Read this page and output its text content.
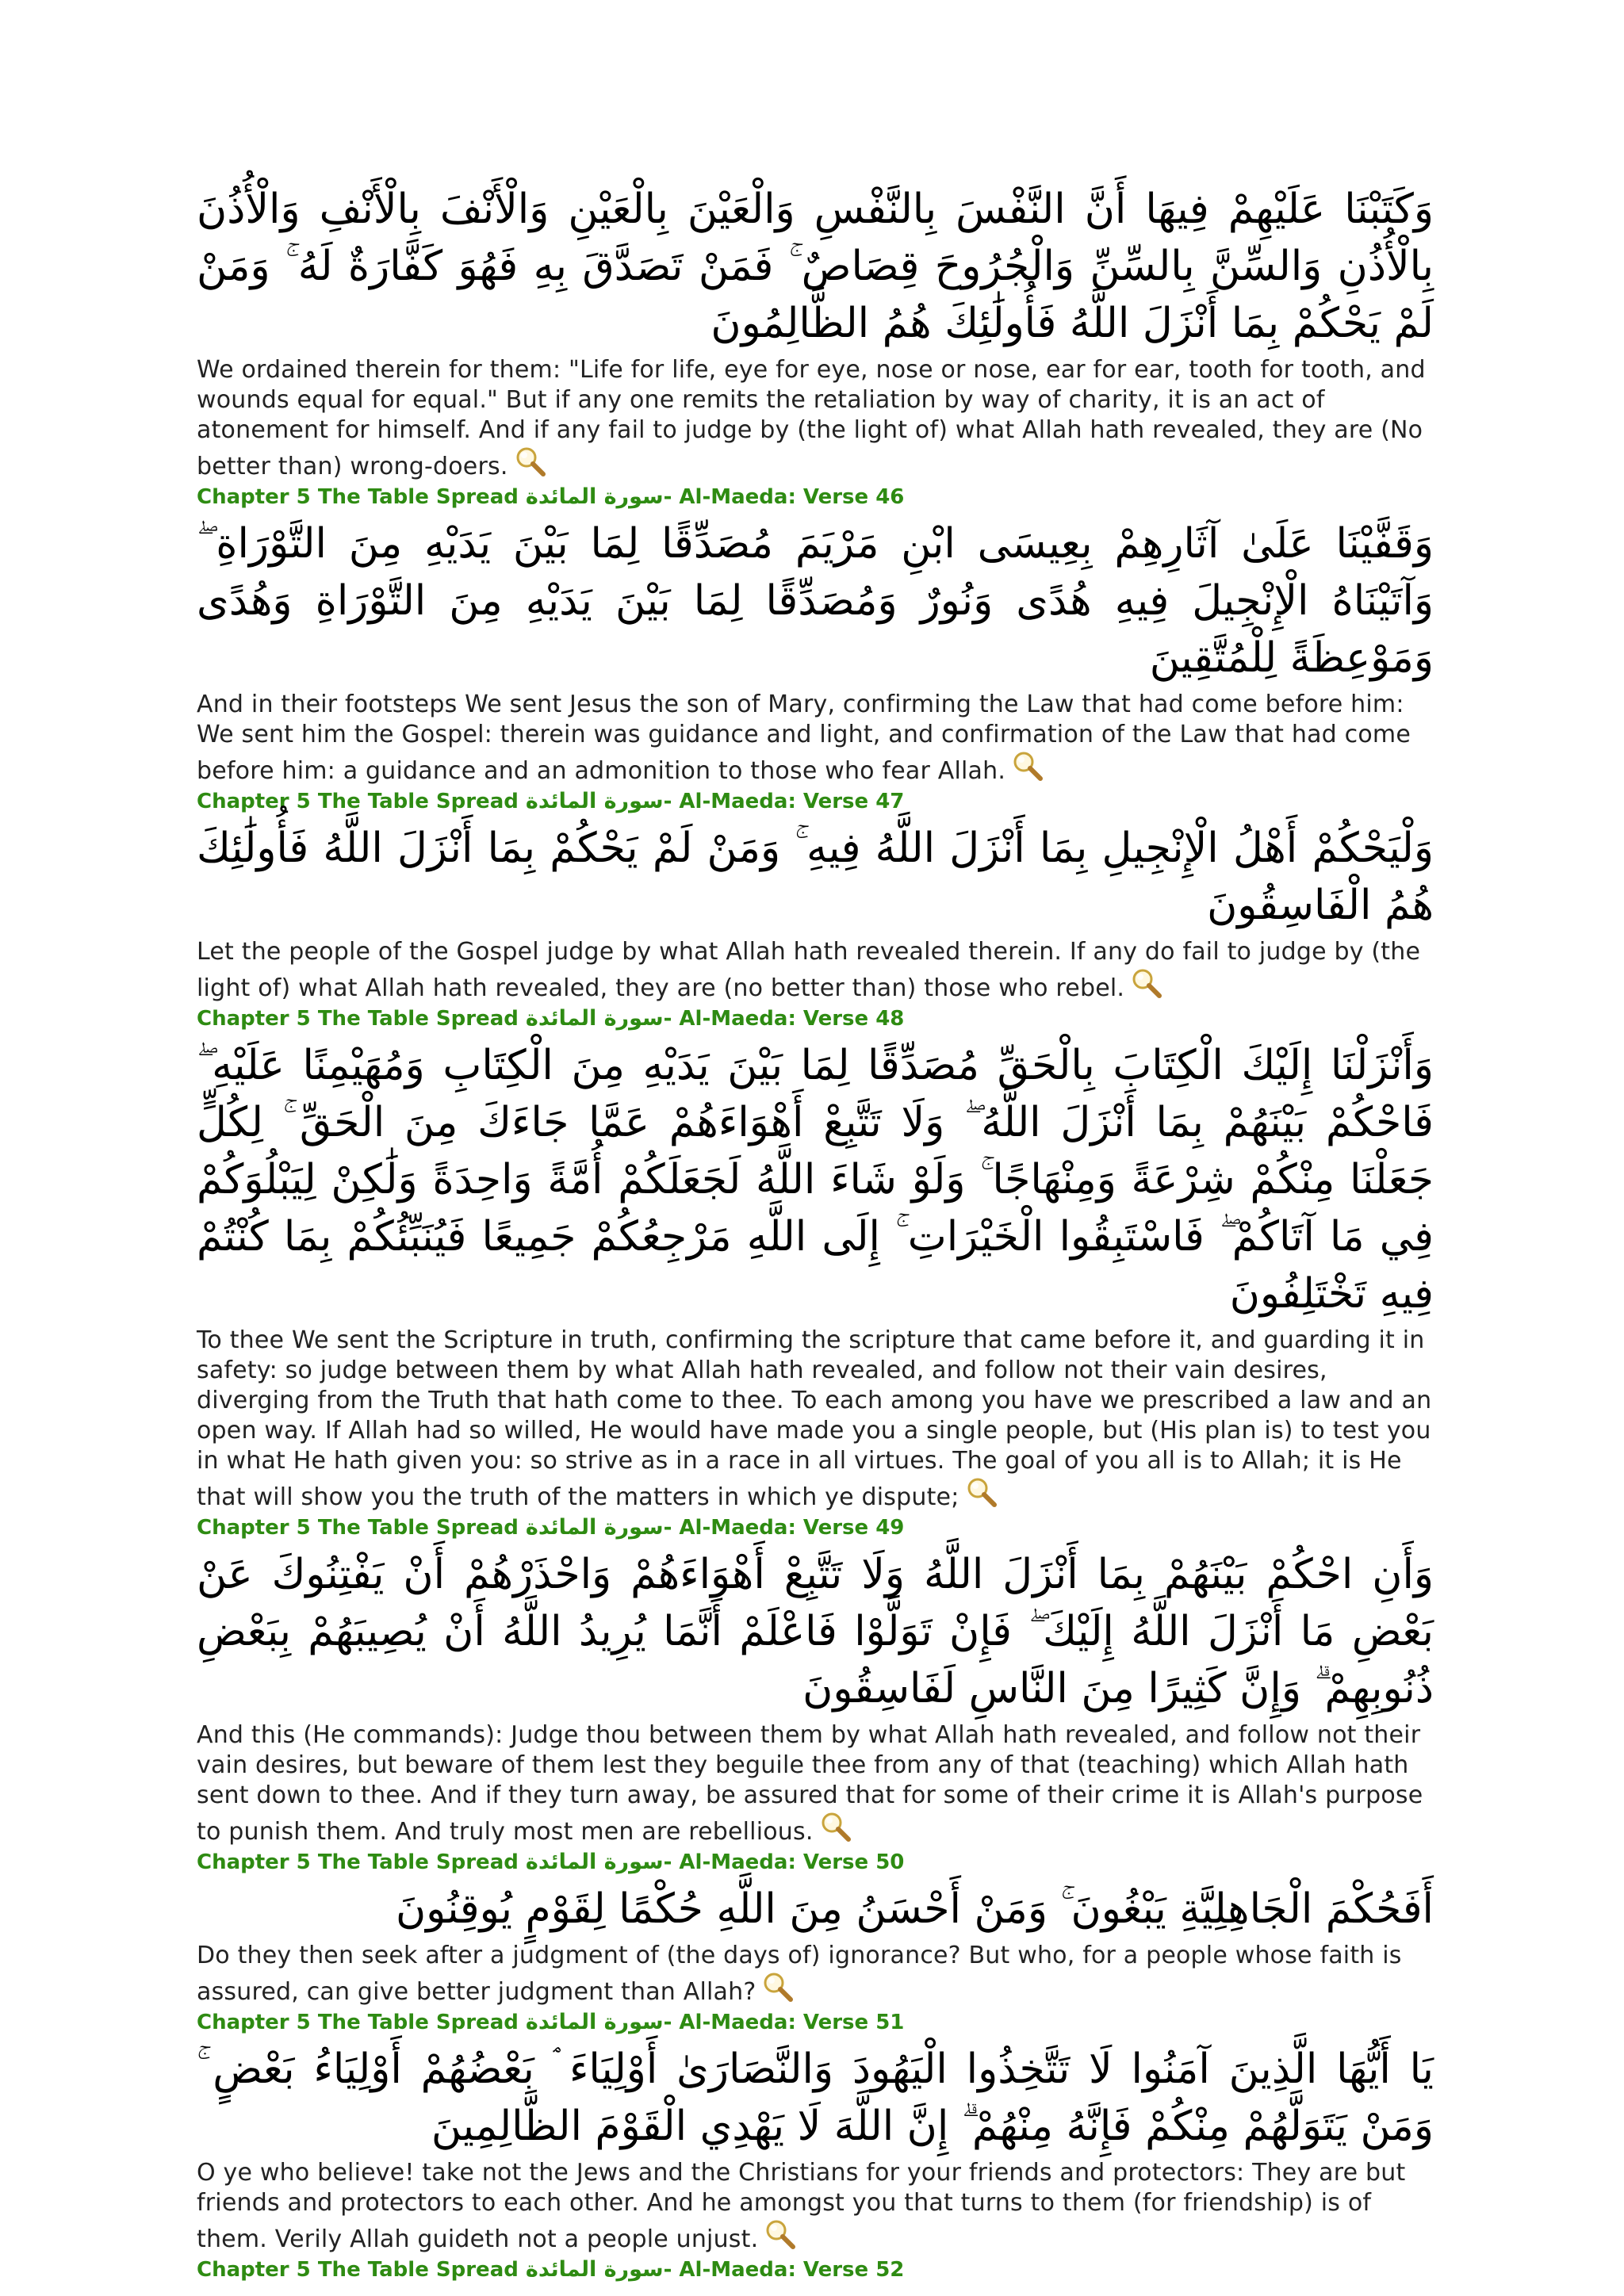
وَكَتَبْنَا عَلَيْهِمْ فِيهَا أَنَّ النَّفْسَ بِالنَّفْسِ وَالْعَيْنَ بِالْعَيْنِ وَالْأَنْفَ بِالْأَنْفِ وَالْأُذُنَ بِالْأُذُنِ وَالسِّنَّ بِالسِّنِّ وَالْجُرُوحَ قِصَاصٌ ۚ فَمَنْ تَصَدَّقَ بِهِ فَهُوَ كَفَّارَةٌ لَهُ ۚ وَمَنْ لَمْ يَحْكُمْ بِمَا أَنْزَلَ اللَّهُ فَأُولَٰئِكَ هُمُ الظَّالِمُونَ

We ordained therein for them: "Life for life, eye for eye, nose or nose, ear for ear, tooth for tooth, and wounds equal for equal." But if any one remits the retaliation by way of charity, it is an act of atonement for himself. And if any fail to judge by (the light of) what Allah hath revealed, they are (No better than) wrong-doers.

Chapter 5 The Table Spread سورة المائدة- Al-Maeda: Verse 46

وَقَفَّيْنَا عَلَىٰ آثَارِهِمْ بِعِيسَى ابْنِ مَرْيَمَ مُصَدِّقًا لِمَا بَيْنَ يَدَيْهِ مِنَ التَّوْرَاةِ ۖ وَآتَيْنَاهُ الْإِنْجِيلَ فِيهِ هُدًى وَنُورٌ وَمُصَدِّقًا لِمَا بَيْنَ يَدَيْهِ مِنَ التَّوْرَاةِ وَهُدًى وَمَوْعِظَةً لِلْمُتَّقِينَ

And in their footsteps We sent Jesus the son of Mary, confirming the Law that had come before him: We sent him the Gospel: therein was guidance and light, and confirmation of the Law that had come before him: a guidance and an admonition to those who fear Allah.

Chapter 5 The Table Spread سورة المائدة- Al-Maeda: Verse 47

وَلْيَحْكُمْ أَهْلُ الْإِنْجِيلِ بِمَا أَنْزَلَ اللَّهُ فِيهِ ۚ وَمَنْ لَمْ يَحْكُمْ بِمَا أَنْزَلَ اللَّهُ فَأُولَٰئِكَ هُمُ الْفَاسِقُونَ

Let the people of the Gospel judge by what Allah hath revealed therein. If any do fail to judge by (the light of) what Allah hath revealed, they are (no better than) those who rebel.

Chapter 5 The Table Spread سورة المائدة- Al-Maeda: Verse 48

وَأَنْزَلْنَا إِلَيْكَ الْكِتَابَ بِالْحَقِّ مُصَدِّقًا لِمَا بَيْنَ يَدَيْهِ مِنَ الْكِتَابِ وَمُهَيْمِنًا عَلَيْهِ ۖ فَاحْكُمْ بَيْنَهُمْ بِمَا أَنْزَلَ اللَّهُ ۖ وَلَا تَتَّبِعْ أَهْوَاءَهُمْ عَمَّا جَاءَكَ مِنَ الْحَقِّ ۚ لِكُلٍّ جَعَلْنَا مِنْكُمْ شِرْعَةً وَمِنْهَاجًا ۚ وَلَوْ شَاءَ اللَّهُ لَجَعَلَكُمْ أُمَّةً وَاحِدَةً وَلَٰكِنْ لِيَبْلُوَكُمْ فِي مَا آتَاكُمْ ۖ فَاسْتَبِقُوا الْخَيْرَاتِ ۚ إِلَى اللَّهِ مَرْجِعُكُمْ جَمِيعًا فَيُنَبِّئُكُمْ بِمَا كُنْتُمْ فِيهِ تَخْتَلِفُونَ

To thee We sent the Scripture in truth, confirming the scripture that came before it, and guarding it in safety: so judge between them by what Allah hath revealed, and follow not their vain desires, diverging from the Truth that hath come to thee. To each among you have we prescribed a law and an open way. If Allah had so willed, He would have made you a single people, but (His plan is) to test you in what He hath given you: so strive as in a race in all virtues. The goal of you all is to Allah; it is He that will show you the truth of the matters in which ye dispute;

Chapter 5 The Table Spread سورة المائدة- Al-Maeda: Verse 49

وَأَنِ احْكُمْ بَيْنَهُمْ بِمَا أَنْزَلَ اللَّهُ وَلَا تَتَّبِعْ أَهْوَاءَهُمْ وَاحْذَرْهُمْ أَنْ يَفْتِنُوكَ عَنْ بَعْضِ مَا أَنْزَلَ اللَّهُ إِلَيْكَ ۖ فَإِنْ تَوَلَّوْا فَاعْلَمْ أَنَّمَا يُرِيدُ اللَّهُ أَنْ يُصِيبَهُمْ بِبَعْضِ ذُنُوبِهِمْ ۗ وَإِنَّ كَثِيرًا مِنَ النَّاسِ لَفَاسِقُونَ

And this (He commands): Judge thou between them by what Allah hath revealed, and follow not their vain desires, but beware of them lest they beguile thee from any of that (teaching) which Allah hath sent down to thee. And if they turn away, be assured that for some of their crime it is Allah's purpose to punish them. And truly most men are rebellious.

Chapter 5 The Table Spread سورة المائدة- Al-Maeda: Verse 50

أَفَحُكْمَ الْجَاهِلِيَّةِ يَبْغُونَ ۚ وَمَنْ أَحْسَنُ مِنَ اللَّهِ حُكْمًا لِقَوْمٍ يُوقِنُونَ

Do they then seek after a judgment of (the days of) ignorance? But who, for a people whose faith is assured, can give better judgment than Allah?

Chapter 5 The Table Spread سورة المائدة- Al-Maeda: Verse 51

يَا أَيُّهَا الَّذِينَ آمَنُوا لَا تَتَّخِذُوا الْيَهُودَ وَالنَّصَارَىٰ أَوْلِيَاءَ ۘ بَعْضُهُمْ أَوْلِيَاءُ بَعْضٍ ۚ وَمَنْ يَتَوَلَّهُمْ مِنْكُمْ فَإِنَّهُ مِنْهُمْ ۗ إِنَّ اللَّهَ لَا يَهْدِي الْقَوْمَ الظَّالِمِينَ

O ye who believe! take not the Jews and the Christians for your friends and protectors: They are but friends and protectors to each other. And he amongst you that turns to them (for friendship) is of them. Verily Allah guideth not a people unjust.

Chapter 5 The Table Spread سورة المائدة- Al-Maeda: Verse 52
